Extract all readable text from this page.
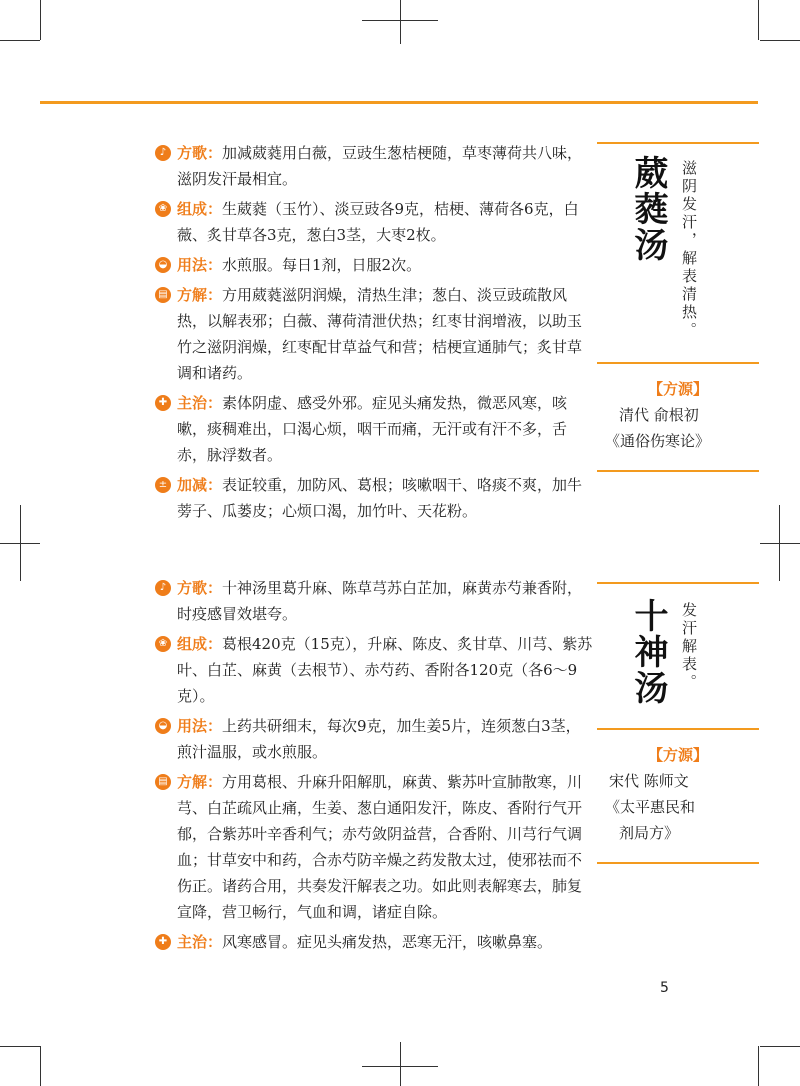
♪ 方歌：加减葳蕤用白薇，豆豉生葱桔梗随，草枣薄荷共八味，滋阴发汗最相宜。
❀ 组成：生葳蕤（玉竹）、淡豆豉各9克，桔梗、薄荷各6克，白薇、炙甘草各3克，葱白3茎，大枣2枚。
◒ 用法：水煎服。每日1剂，日服2次。
▤ 方解：方用葳蕤滋阴润燥，清热生津；葱白、淡豆豉疏散风热，以解表邪；白薇、薄荷清泄伏热；红枣甘润增液，以助玉竹之滋阴润燥，红枣配甘草益气和营；桔梗宣通肺气；炙甘草调和诸药。
✚ 主治：素体阴虚、感受外邪。症见头痛发热，微恶风寒，咳嗽，痰稠难出，口渴心烦，咽干而痛，无汗或有汗不多，舌赤，脉浮数者。
± 加减：表证较重，加防风、葛根；咳嗽咽干、咯痰不爽，加牛蒡子、瓜蒌皮；心烦口渴，加竹叶、天花粉。
葳蕤汤 滋阴发汗，解表清热。
【方源】
清代 俞根初
《通俗伤寒论》
♪ 方歌：十神汤里葛升麻、陈草芎苏白芷加，麻黄赤芍兼香附，时疫感冒效堪夸。
❀ 组成：葛根420克（15克），升麻、陈皮、炙甘草、川芎、紫苏叶、白芷、麻黄（去根节）、赤芍药、香附各120克（各6～9克）。
◒ 用法：上药共研细末，每次9克，加生姜5片，连须葱白3茎，煎汁温服，或水煎服。
▤ 方解：方用葛根、升麻升阳解肌，麻黄、紫苏叶宣肺散寒，川芎、白芷疏风止痛，生姜、葱白通阳发汗，陈皮、香附行气开郁，合紫苏叶辛香利气；赤芍敛阴益营，合香附、川芎行气调血；甘草安中和药，合赤芍防辛燥之药发散太过，使邪祛而不伤正。诸药合用，共奏发汗解表之功。如此则表解寒去，肺复宣降，营卫畅行，气血和调，诸症自除。
✚ 主治：风寒感冒。症见头痛发热，恶寒无汗，咳嗽鼻塞。
十神汤 发汗解表。
【方源】
宋代 陈师文
《太平惠民和
剂局方》
5
